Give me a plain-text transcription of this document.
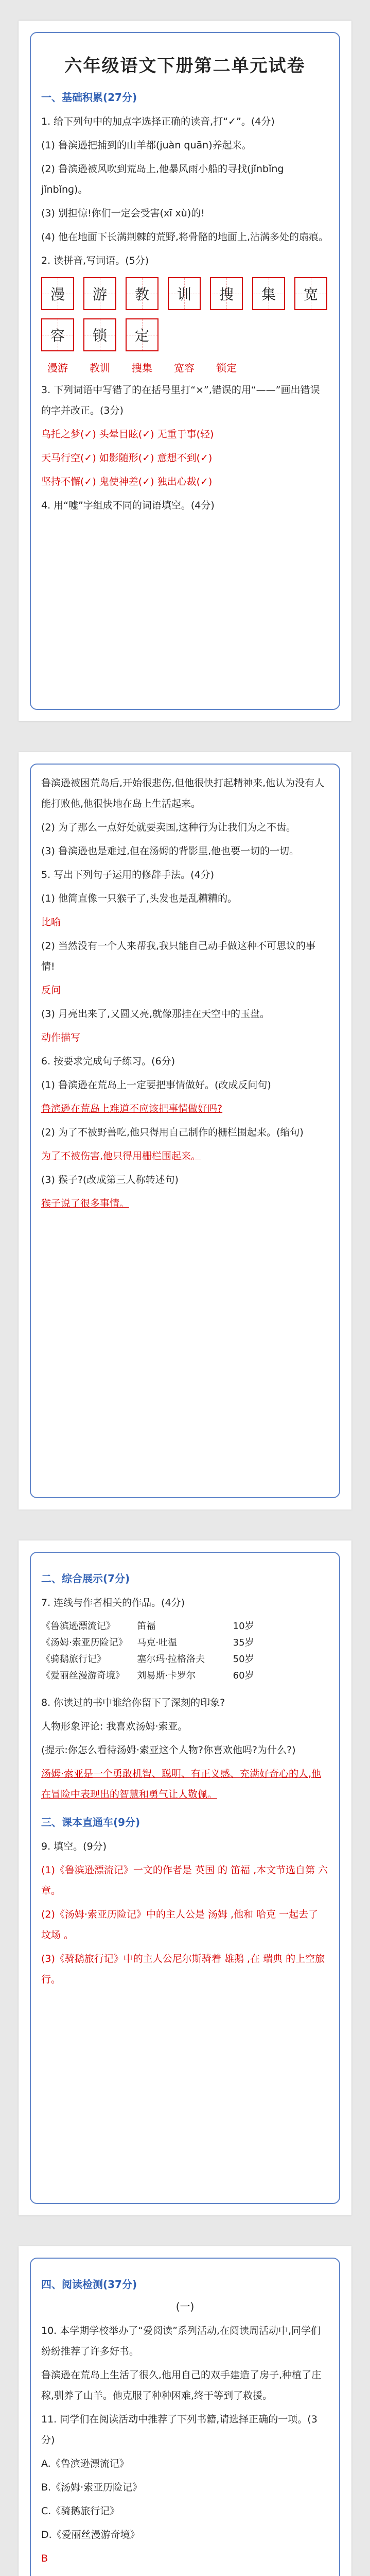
六年级语文下册第二单元试卷
一、基础积累(27分)

1. 给下列句中的加点字选择正确的读音,打“✓”。(4分)

(1) 鲁滨逊把捕到的山羊都(juàn quān)养起来。

(2) 鲁滨逊被风吹到荒岛上,他暴风雨小船的寻找(jǐnbǐng jǐnbǐnɡ)。

(3) 别担惊!你们一定会受害(xī xù)的!

(4) 他在地面下长满荆棘的荒野,将骨骼的地面上,沾满多处的扇痕。

2. 读拼音,写词语。(5分)

漫 游 教 训 搜 集 宽
容 锁 定
漫游	教训	搜集	宽容	锁定

3. 下列词语中写错了的在括号里打“×”,错误的用“——”画出错误的字并改正。(3分)

乌托之梦(✓) 头晕目眩(✓) 无重于事(轻)

天马行空(✓) 如影随形(✓) 意想不到(✓)

坚持不懈(✓) 鬼使神差(✓) 独出心裁(✓)

4. 用“嘘”字组成不同的词语填空。(4分)

鲁滨逊被困荒岛后,开始很悲伤,但他很快打起精神来,他认为没有人能打败他,他很快地在岛上生活起来。

(2) 为了那么一点好处就要卖国,这种行为让我们为之不齿。

(3) 鲁滨逊也是难过,但在汤姆的背影里,他也要一切的一切。

5. 写出下列句子运用的修辞手法。(4分)

(1) 他简直像一只猴子了,头发也是乱糟糟的。

比喻

(2) 当然没有一个人来帮我,我只能自己动手做这种不可思议的事情!

反问

(3) 月亮出来了,又圆又亮,就像那挂在天空中的玉盘。

动作描写

6. 按要求完成句子练习。(6分)

(1) 鲁滨逊在荒岛上一定要把事情做好。(改成反问句)

鲁滨逊在荒岛上难道不应该把事情做好吗?

(2) 为了不被野兽吃,他只得用自己制作的栅栏围起来。(缩句)

为了不被伤害,他只得用栅栏围起来。

(3) 猴子?(改成第三人称转述句)

猴子说了很多事情。

二、综合展示(7分)

7. 连线与作者相关的作品。(4分)

《鲁滨逊漂流记》	笛福	10岁
《汤姆·索亚历险记》	马克·吐温	35岁
《骑鹅旅行记》	塞尔玛·拉格洛夫	50岁
《爱丽丝漫游奇境》	刘易斯·卡罗尔	60岁

8. 你读过的书中谁给你留下了深刻的印象?

人物形象评论: 我喜欢汤姆·索亚。

(提示:你怎么看待汤姆·索亚这个人物?你喜欢他吗?为什么?)

汤姆·索亚是一个勇敢机智、聪明、有正义感、充满好奇心的人,他在冒险中表现出的智慧和勇气让人敬佩。

三、课本直通车(9分)

9. 填空。(9分)

(1)《鲁滨逊漂流记》一文的作者是 英国 的 笛福 ,本文节选自第 六 章。

(2)《汤姆·索亚历险记》中的主人公是 汤姆 ,他和 哈克 一起去了 坟场 。

(3)《骑鹅旅行记》中的主人公尼尔斯骑着 雄鹅 ,在 瑞典 的上空旅行。

四、阅读检测(37分)
(一)

10. 本学期学校举办了“爱阅读”系列活动,在阅读周活动中,同学们纷纷推荐了许多好书。

鲁滨逊在荒岛上生活了很久,他用自己的双手建造了房子,种植了庄稼,驯养了山羊。他克服了种种困难,终于等到了救援。

11. 同学们在阅读活动中推荐了下列书籍,请选择正确的一项。(3分)

A.《鲁滨逊漂流记》

B.《汤姆·索亚历险记》

C.《骑鹅旅行记》

D.《爱丽丝漫游奇境》

B
